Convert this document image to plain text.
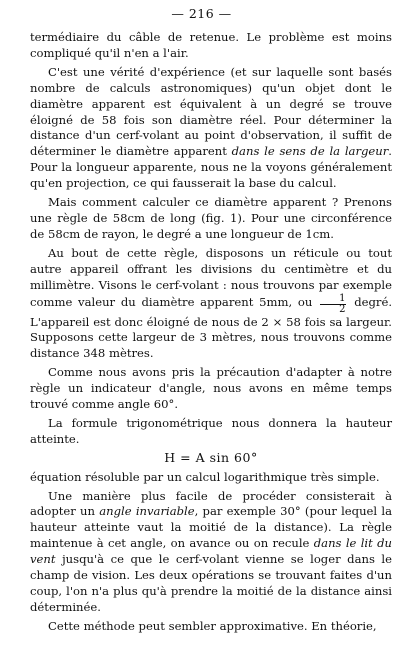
— 216 —

termédiaire du câble de retenue. Le problème est moins compliqué qu'il n'en a l'air.

C'est une vérité d'expérience (et sur laquelle sont basés nombre de calculs astronomiques) qu'un objet dont le diamètre apparent est équivalent à un degré se trouve éloigné de 58 fois son diamètre réel. Pour déterminer la distance d'un cerf-volant au point d'observation, il suffit de déterminer le diamètre apparent dans le sens de la largeur. Pour la longueur apparente, nous ne la voyons généralement qu'en projection, ce qui fausserait la base du calcul.

Mais comment calculer ce diamètre apparent ? Prenons une règle de 58cm de long (fig. 1). Pour une circonférence de 58cm de rayon, le degré a une longueur de 1cm.

Au bout de cette règle, disposons un réticule ou tout autre appareil offrant les divisions du centimètre et du millimètre. Visons le cerf-volant : nous trouvons par exemple comme valeur du diamètre apparent 5mm, ou $\frac{1}{2}$ degré. L'appareil est donc éloigné de nous de 2 × 58 fois sa largeur. Supposons cette largeur de 3 mètres, nous trouvons comme distance 348 mètres.

Comme nous avons pris la précaution d'adapter à notre règle un indicateur d'angle, nous avons en même temps trouvé comme angle 60°.

La formule trigonométrique nous donnera la hauteur atteinte.

H = A sin 60°

équation résoluble par un calcul logarithmique très simple.

Une manière plus facile de procéder consisterait à adopter un angle invariable, par exemple 30° (pour lequel la hauteur atteinte vaut la moitié de la distance). La règle maintenue à cet angle, on avance ou on recule dans le lit du vent jusqu'à ce que le cerf-volant vienne se loger dans le champ de vision. Les deux opérations se trouvant faites d'un coup, l'on n'a plus qu'à prendre la moitié de la distance ainsi déterminée.

Cette méthode peut sembler approximative. En théorie,
